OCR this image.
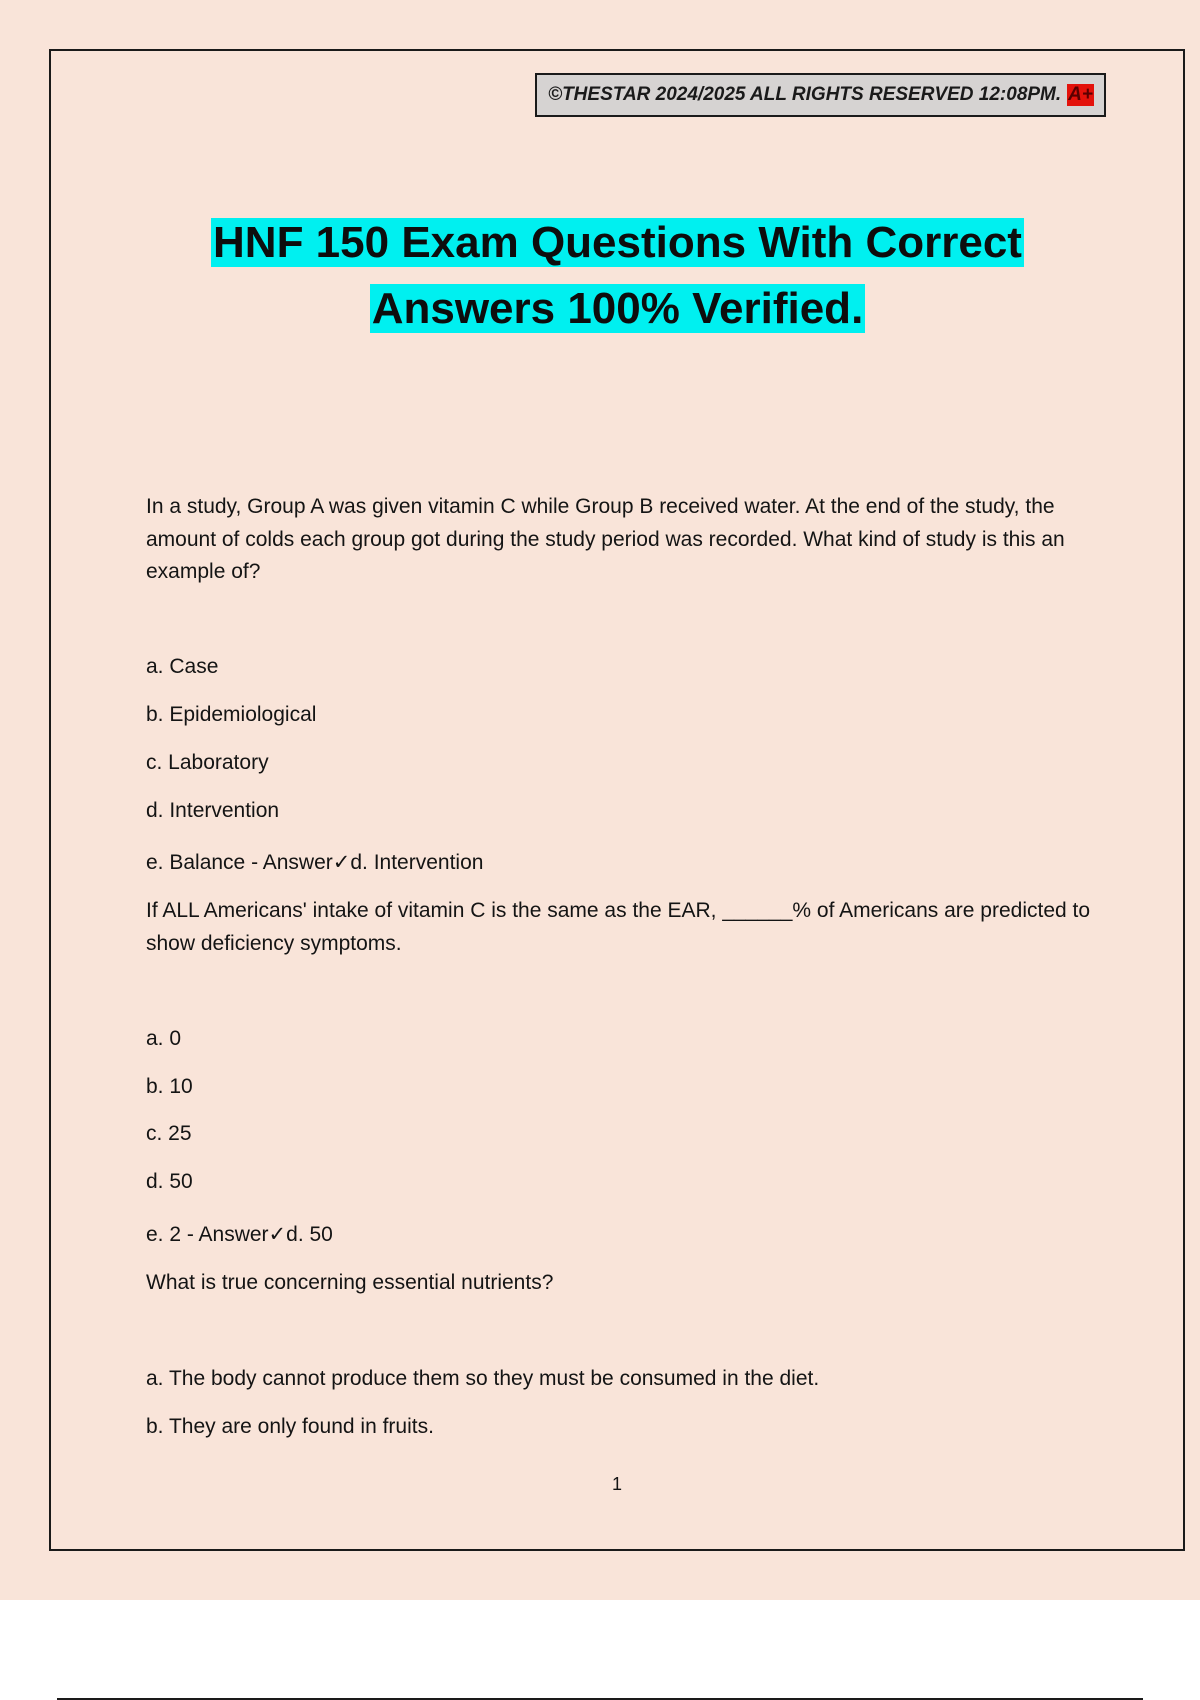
©THESTAR 2024/2025 ALL RIGHTS RESERVED 12:08PM. A+
HNF 150 Exam Questions With Correct
Answers 100% Verified.
In a study, Group A was given vitamin C while Group B received water. At the end of the study, the amount of colds each group got during the study period was recorded. What kind of study is this an example of?
a. Case
b. Epidemiological
c. Laboratory
d. Intervention
e. Balance - Answer✓d. Intervention
If ALL Americans' intake of vitamin C is the same as the EAR, ______% of Americans are predicted to show deficiency symptoms.
a. 0
b. 10
c. 25
d. 50
e. 2 - Answer✓d. 50
What is true concerning essential nutrients?
a. The body cannot produce them so they must be consumed in the diet.
b. They are only found in fruits.
1
